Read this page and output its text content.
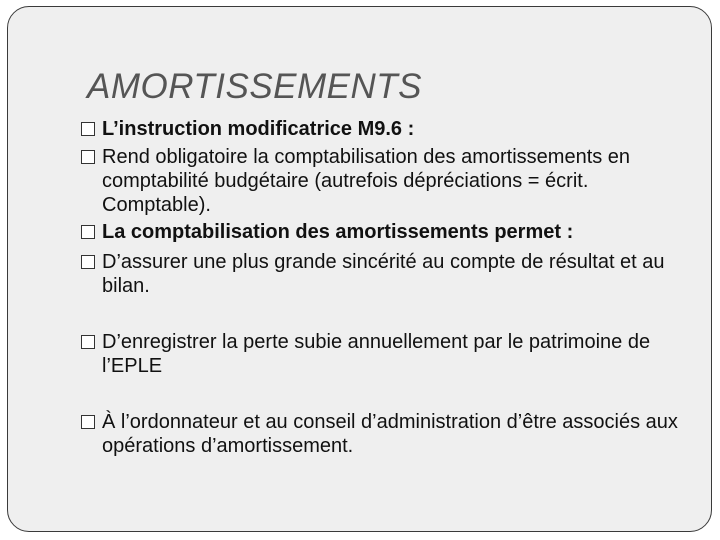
AMORTISSEMENTS
L’instruction modificatrice M9.6 :
Rend obligatoire la comptabilisation des amortissements en comptabilité budgétaire (autrefois dépréciations = écrit. Comptable).
La comptabilisation des amortissements permet :
D’assurer une plus grande sincérité au compte de résultat et au bilan.
D’enregistrer la perte subie annuellement par le patrimoine de l’EPLE
À l’ordonnateur et au conseil d’administration d’être associés aux opérations d’amortissement.
